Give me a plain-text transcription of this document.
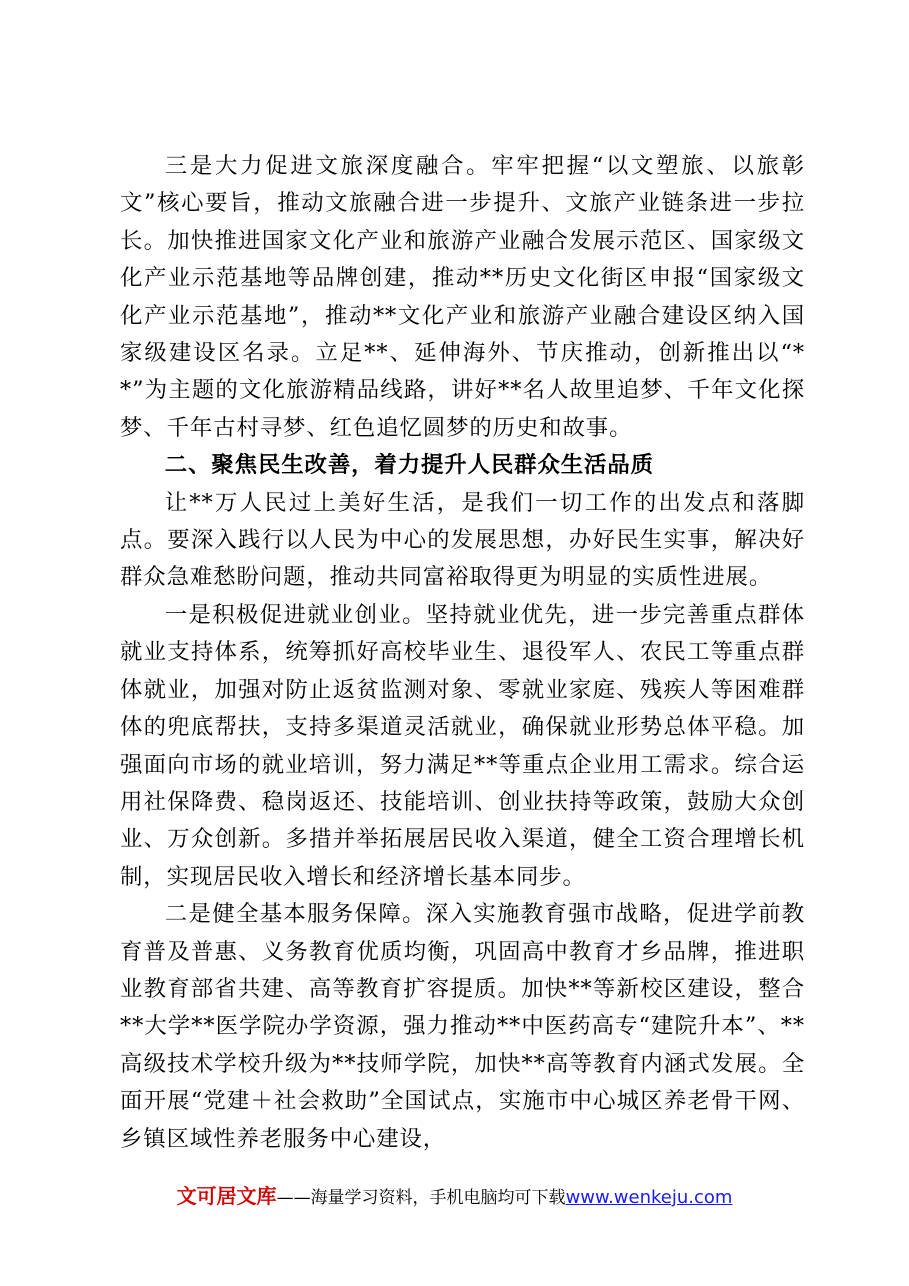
三是大力促进文旅深度融合。牢牢把握“以文塑旅、以旅彰文”核心要旨，推动文旅融合进一步提升、文旅产业链条进一步拉长。加快推进国家文化产业和旅游产业融合发展示范区、国家级文化产业示范基地等品牌创建，推动**历史文化街区申报“国家级文化产业示范基地”，推动**文化产业和旅游产业融合建设区纳入国家级建设区名录。立足**、延伸海外、节庆推动，创新推出以“**”为主题的文化旅游精品线路，讲好**名人故里追梦、千年文化探梦、千年古村寻梦、红色追忆圆梦的历史和故事。

二、聚焦民生改善，着力提升人民群众生活品质

让**万人民过上美好生活，是我们一切工作的出发点和落脚点。要深入践行以人民为中心的发展思想，办好民生实事，解决好群众急难愁盼问题，推动共同富裕取得更为明显的实质性进展。

一是积极促进就业创业。坚持就业优先，进一步完善重点群体就业支持体系，统筹抓好高校毕业生、退役军人、农民工等重点群体就业，加强对防止返贫监测对象、零就业家庭、残疾人等困难群体的兜底帮扶，支持多渠道灵活就业，确保就业形势总体平稳。加强面向市场的就业培训，努力满足**等重点企业用工需求。综合运用社保降费、稳岗返还、技能培训、创业扶持等政策，鼓励大众创业、万众创新。多措并举拓展居民收入渠道，健全工资合理增长机制，实现居民收入增长和经济增长基本同步。

二是健全基本服务保障。深入实施教育强市战略，促进学前教育普及普惠、义务教育优质均衡，巩固高中教育才乡品牌，推进职业教育部省共建、高等教育扩容提质。加快**等新校区建设，整合**大学**医学院办学资源，强力推动**中医药高专“建院升本”、**高级技术学校升级为**技师学院，加快**高等教育内涵式发展。全面开展“党建＋社会救助”全国试点，实施市中心城区养老骨干网、乡镇区域性养老服务中心建设，

文可居文库——海量学习资料，手机电脑均可下载www.wenkeju.com
